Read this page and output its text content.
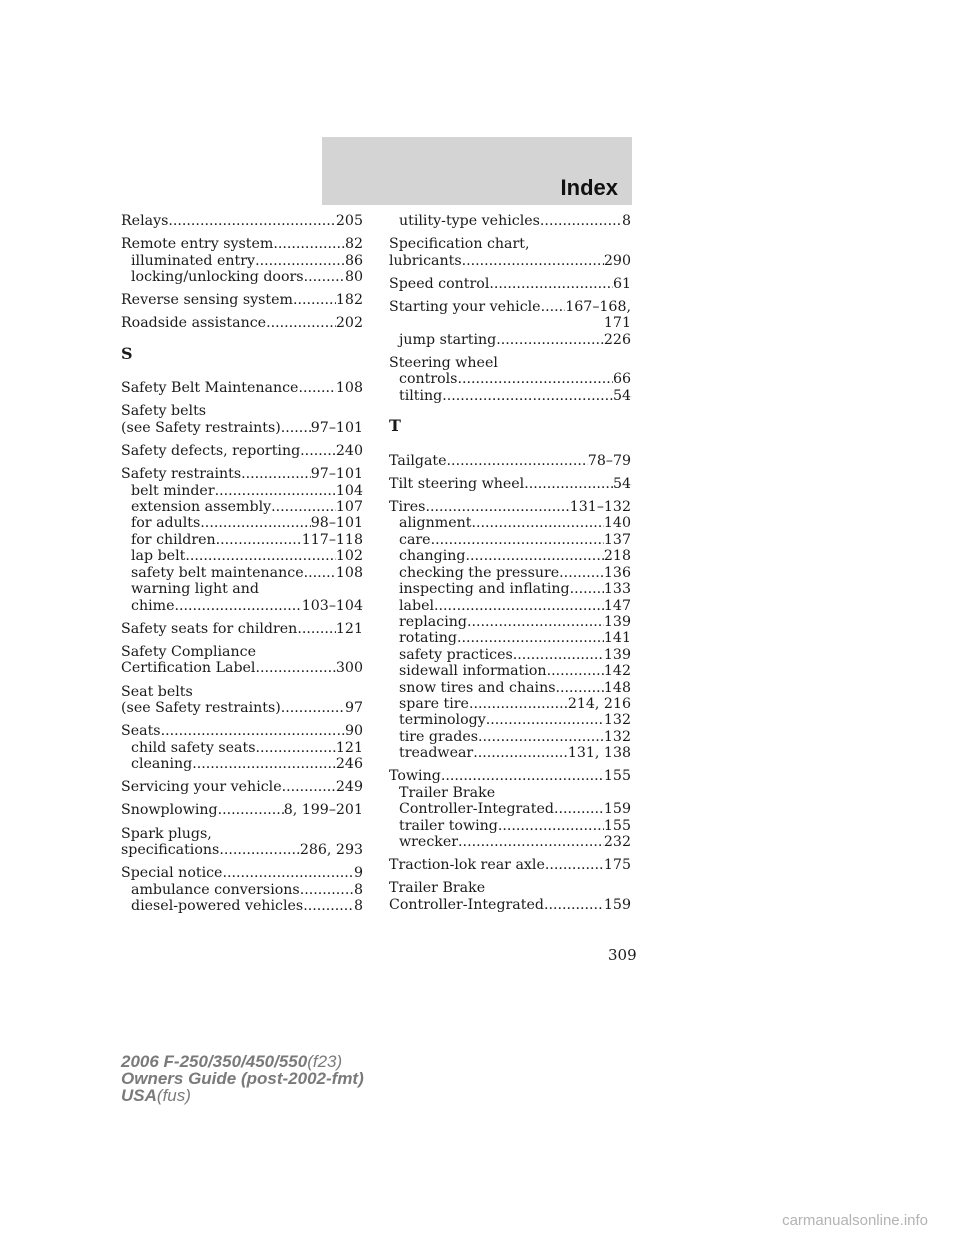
Index
Relays .....	205
Remote entry system .....	82
illuminated entry .....	86
locking/unlocking doors .....	80
Reverse sensing system .....	182
Roadside assistance .....	202
S
Safety Belt Maintenance .....	108
Safety belts
(see Safety restraints) ..... 97–101
Safety defects, reporting .....	240
Safety restraints .....	97–101
belt minder .....	104
extension assembly .....	107
for adults .....	98–101
for children .....	117–118
lap belt .....	102
safety belt maintenance ..... 108
warning light and
chime .....	103–104
Safety seats for children .....	121
Safety Compliance
Certification Label .....	300
Seat belts
(see Safety restraints) .....	97
Seats .....	90
child safety seats .....	121
cleaning .....	246
Servicing your vehicle .....	249
Snowplowing .....	8, 199–201
Spark plugs,
specifications .....	286, 293
Special notice .....	9
ambulance conversions .....	8
diesel-powered vehicles .....	8
utility-type vehicles .....	8
Specification chart,
lubricants .....	290
Speed control .....	61
Starting your vehicle ..... 167–168,
171
jump starting .....	226
Steering wheel
controls .....	66
tilting .....	54
T
Tailgate .....	78–79
Tilt steering wheel .....	54
Tires .....	131–132
alignment .....	140
care .....	137
changing .....	218
checking the pressure .....	136
inspecting and inflating ..... 133
label .....	147
replacing .....	139
rotating .....	141
safety practices .....	139
sidewall information .....	142
snow tires and chains .....	148
spare tire .....	214, 216
terminology .....	132
tire grades .....	132
treadwear .....	131, 138
Towing .....	155
Trailer Brake
Controller-Integrated .....	159
trailer towing .....	155
wrecker .....	232
Traction-lok rear axle .....	175
Trailer Brake
Controller-Integrated .....	159
309
2006 F-250/350/450/550(f23)
Owners Guide (post-2002-fmt)
USA(fus)
carmanualsonline.info
